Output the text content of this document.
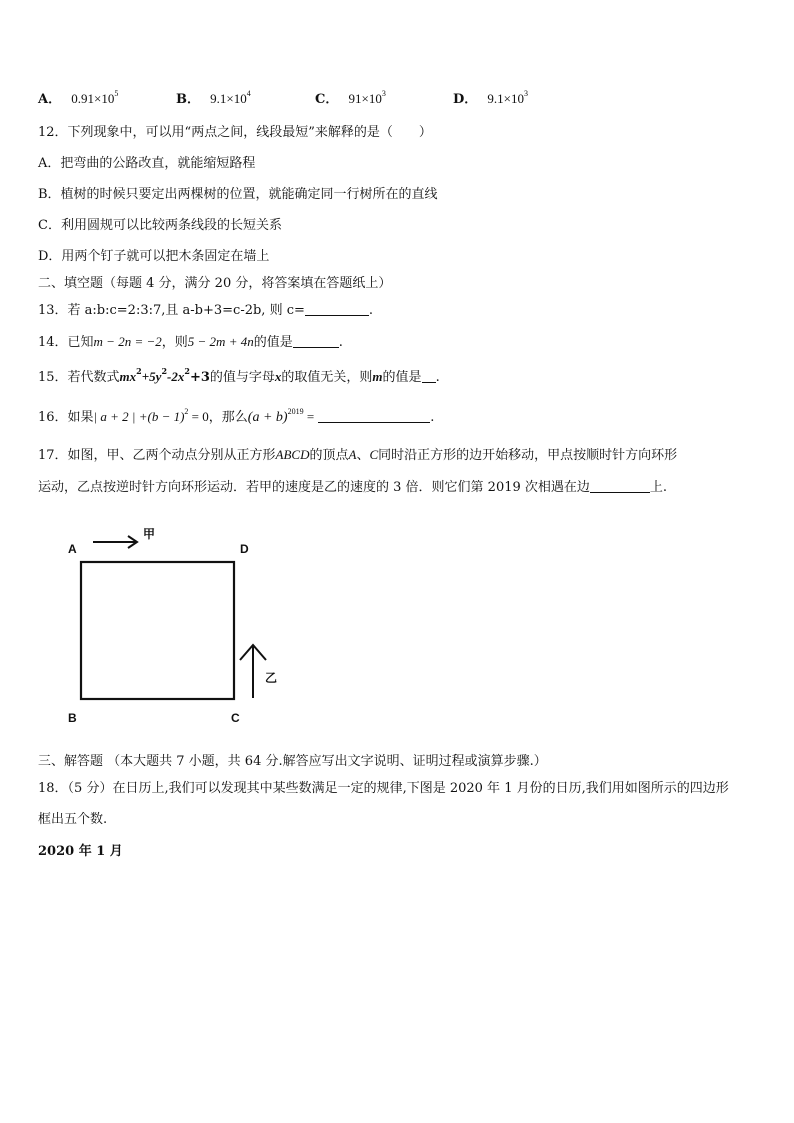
A． $0.91\times 10^5$	B． $9.1\times 10^4$	C． $91\times 10^3$	D． $9.1\times 10^3$
12．下列现象中，可以用“两点之间，线段最短”来解释的是（　　）
A．把弯曲的公路改直，就能缩短路程
B．植树的时候只要定出两棵树的位置，就能确定同一行树所在的直线
C．利用圆规可以比较两条线段的长短关系
D．用两个钉子就可以把木条固定在墙上
二、填空题（每题 4 分，满分 20 分，将答案填在答题纸上）
13．若 a:b:c=2:3:7,且 a-b+3=c-2b, 则 c=	.
14．已知m − 2n = −2，则5 − 2m + 4n的值是	.
15．若代数式$mx^2+5y^2-2x^2+3$的值与字母x的取值无关，则m的值是 .
16．如果| a + 2 | $+(b - 1)^2 = 0$，那么$(a + b)^{2019}$ =	.
17．如图，甲、乙两个动点分别从正方形ABCD的顶点A、C同时沿正方形的边开始移动，甲点按顺时针方向环形
运动，乙点按逆时针方向环形运动．若甲的速度是乙的速度的 3 倍．则它们第 2019 次相遇在边	上.
A	D
B	C
甲
乙
三、解答题 （本大题共 7 小题，共 64 分.解答应写出文字说明、证明过程或演算步骤.）
18．（5 分）在日历上,我们可以发现其中某些数满足一定的规律,下图是 2020 年 1 月份的日历,我们用如图所示的四边形
框出五个数.
2020 年 1 月
